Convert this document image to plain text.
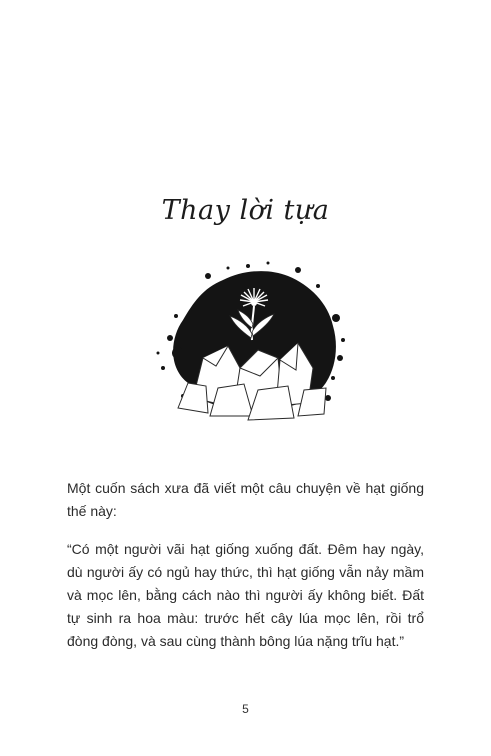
Thay lời tựa

Một cuốn sách xưa đã viết một câu chuyện về hạt giống thế này:

“Có một người vãi hạt giống xuống đất. Đêm hay ngày, dù người ấy có ngủ hay thức, thì hạt giống vẫn nảy mầm và mọc lên, bằng cách nào thì người ấy không biết. Đất tự sinh ra hoa màu: trước hết cây lúa mọc lên, rồi trổ đòng đòng, và sau cùng thành bông lúa nặng trĩu hạt.”

5
